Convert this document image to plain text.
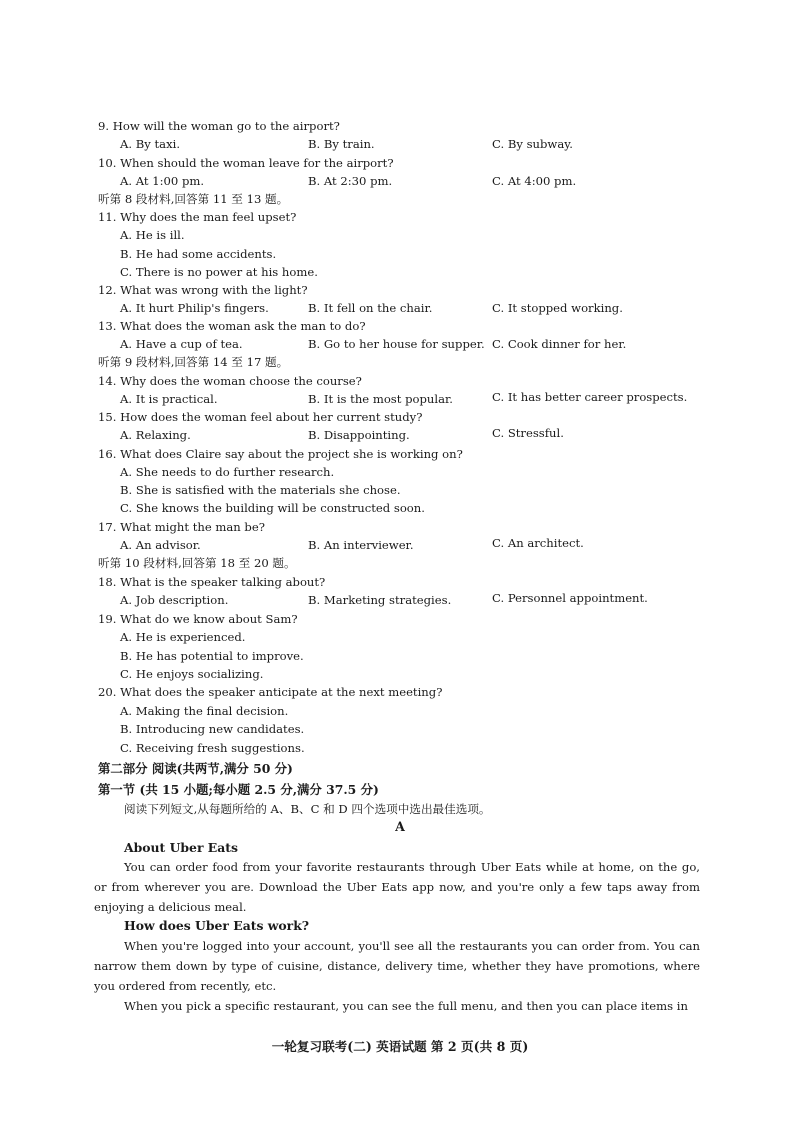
9. How will the woman go to the airport?
A. By taxi.	B. By train.	C. By subway.
10. When should the woman leave for the airport?
A. At 1:00 pm.	B. At 2:30 pm.	C. At 4:00 pm.
听第 8 段材料,回答第 11 至 13 题。
11. Why does the man feel upset?
A. He is ill.
B. He had some accidents.
C. There is no power at his home.
12. What was wrong with the light?
A. It hurt Philip's fingers.	B. It fell on the chair.	C. It stopped working.
13. What does the woman ask the man to do?
A. Have a cup of tea.	B. Go to her house for supper. C. Cook dinner for her.
听第 9 段材料,回答第 14 至 17 题。
14. Why does the woman choose the course?
A. It is practical.	B. It is the most popular.	C. It has better career prospects.
15. How does the woman feel about her current study?
A. Relaxing.	B. Disappointing.	C. Stressful.
16. What does Claire say about the project she is working on?
A. She needs to do further research.
B. She is satisfied with the materials she chose.
C. She knows the building will be constructed soon.
17. What might the man be?
A. An advisor.	B. An interviewer.	C. An architect.
听第 10 段材料,回答第 18 至 20 题。
18. What is the speaker talking about?
A. Job description.	B. Marketing strategies.	C. Personnel appointment.
19. What do we know about Sam?
A. He is experienced.
B. He has potential to improve.
C. He enjoys socializing.
20. What does the speaker anticipate at the next meeting?
A. Making the final decision.
B. Introducing new candidates.
C. Receiving fresh suggestions.
第二部分 阅读(共两节,满分 50 分)
第一节 (共 15 小题;每小题 2.5 分,满分 37.5 分)
阅读下列短文,从每题所给的 A、B、C 和 D 四个选项中选出最佳选项。
A
About Uber Eats
You can order food from your favorite restaurants through Uber Eats while at home, on the go, or from wherever you are. Download the Uber Eats app now, and you're only a few taps away from enjoying a delicious meal.
How does Uber Eats work?
When you're logged into your account, you'll see all the restaurants you can order from. You can narrow them down by type of cuisine, distance, delivery time, whether they have promotions, where you ordered from recently, etc.
When you pick a specific restaurant, you can see the full menu, and then you can place items in
一轮复习联考(二) 英语试题 第 2 页(共 8 页)
